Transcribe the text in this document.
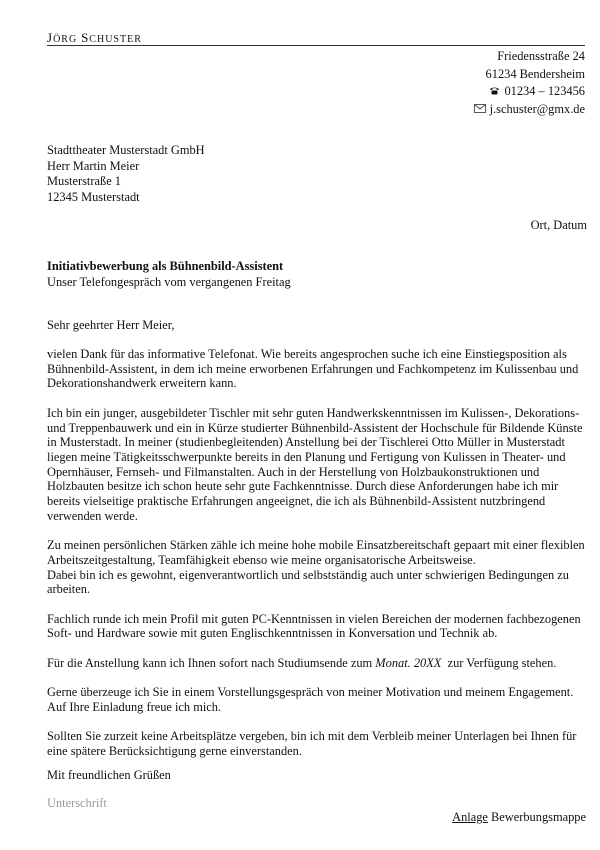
JÖRG SCHUSTER
Friedensstraße 24
61234 Bendersheim
01234 – 123456
j.schuster@gmx.de
Stadttheater Musterstadt GmbH
Herr Martin Meier
Musterstraße 1
12345 Musterstadt
Ort, Datum
Initiativbewerbung als Bühnenbild-Assistent
Unser Telefongespräch vom vergangenen Freitag
Sehr geehrter Herr Meier,

vielen Dank für das informative Telefonat. Wie bereits angesprochen suche ich eine Einstiegsposition als Bühnenbild-Assistent, in dem ich meine erworbenen Erfahrungen und Fachkompetenz im Kulissenbau und Dekorationshandwerk erweitern kann.

Ich bin ein junger, ausgebildeter Tischler mit sehr guten Handwerkskenntnissen im Kulissen-, Dekorations- und Treppenbauwerk und ein in Kürze studierter Bühnenbild-Assistent der Hochschule für Bildende Künste in Musterstadt. In meiner (studienbegleitenden) Anstellung bei der Tischlerei Otto Müller in Musterstadt liegen meine Tätigkeitsschwerpunkte bereits in den Planung und Fertigung von Kulissen in Theater- und Opernhäuser, Fernseh- und Filmanstalten. Auch in der Herstellung von Holzbaukonstruktionen und Holzbauten besitze ich schon heute sehr gute Fachkenntnisse. Durch diese Anforderungen habe ich mir bereits vielseitige praktische Erfahrungen angeeignet, die ich als Bühnenbild-Assistent nutzbringend verwenden werde.

Zu meinen persönlichen Stärken zähle ich meine hohe mobile Einsatzbereitschaft gepaart mit einer flexiblen Arbeitszeitgestaltung, Teamfähigkeit ebenso wie meine organisatorische Arbeitsweise.
Dabei bin ich es gewohnt, eigenverantwortlich und selbstständig auch unter schwierigen Bedingungen zu arbeiten.

Fachlich runde ich mein Profil mit guten PC-Kenntnissen in vielen Bereichen der modernen fachbezogenen Soft- und Hardware sowie mit guten Englischkenntnissen in Konversation und Technik ab.

Für die Anstellung kann ich Ihnen sofort nach Studiumsende zum Monat. 20XX  zur Verfügung stehen.

Gerne überzeuge ich Sie in einem Vorstellungsgespräch von meiner Motivation und meinem Engagement.
Auf Ihre Einladung freue ich mich.

Sollten Sie zurzeit keine Arbeitsplätze vergeben, bin ich mit dem Verbleib meiner Unterlagen bei Ihnen für eine spätere Berücksichtigung gerne einverstanden.

Mit freundlichen Grüßen
Unterschrift
Anlage Bewerbungsmappe
